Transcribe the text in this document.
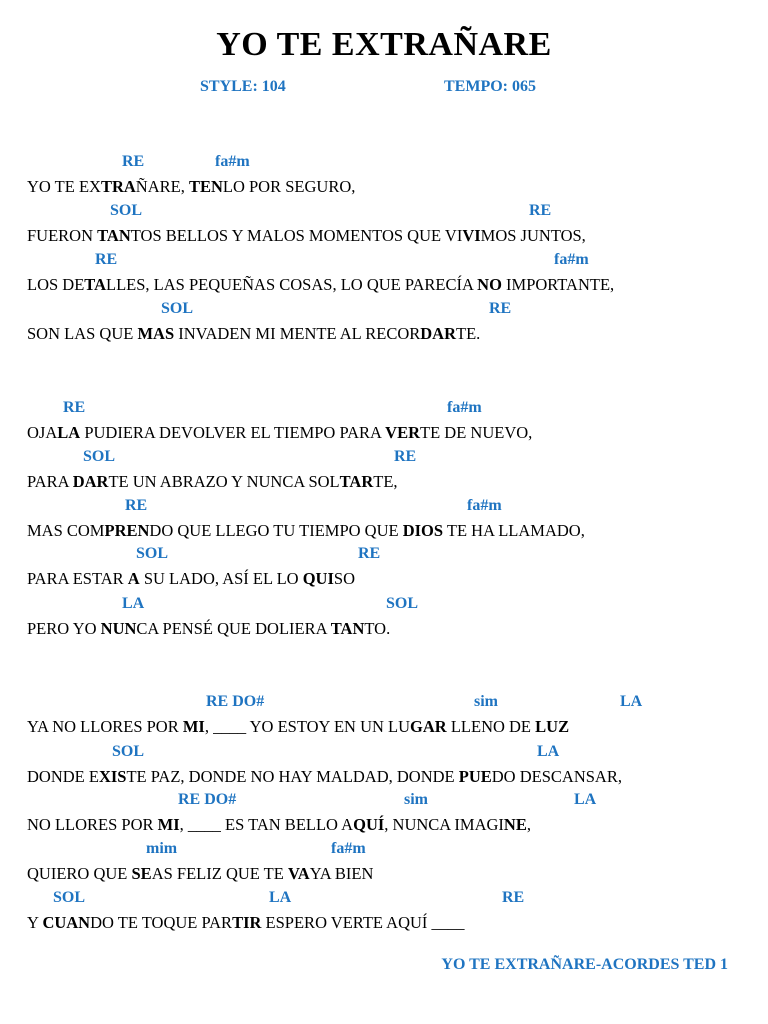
YO TE EXTRAÑARE
STYLE: 104	TEMPO: 065
RE	fa#m
YO TE EXTRAÑARE, TENLO POR SEGURO,
SOL	RE
FUERON TANTOS BELLOS Y MALOS MOMENTOS QUE VIVIMOS JUNTOS,
RE	fa#m
LOS DETALLES, LAS PEQUEÑAS COSAS, LO QUE PARECÍA NO IMPORTANTE,
SOL	RE
SON LAS QUE MAS INVADEN MI MENTE AL RECORDARTE.
RE	fa#m
OJALA PUDIERA DEVOLVER EL TIEMPO PARA VERTE DE NUEVO,
SOL	RE
PARA DARTE UN ABRAZO Y NUNCA SOLTARTE,
RE	fa#m
MAS COMPRENDO QUE LLEGO TU TIEMPO QUE DIOS TE HA LLAMADO,
SOL	RE
PARA ESTAR A SU LADO, ASÍ EL LO QUISO
LA	SOL
PERO YO NUNCA PENSÉ QUE DOLIERA TANTO.
RE DO#	sim	LA
YA NO LLORES POR MI, ____ YO ESTOY EN UN LUGAR LLENO DE LUZ
SOL	LA
DONDE EXISTE PAZ, DONDE NO HAY MALDAD, DONDE PUEDO DESCANSAR,
RE DO#	sim	LA
NO LLORES POR MI, ____ ES TAN BELLO AQUÍ, NUNCA IMAGINE,
mim	fa#m
QUIERO QUE SEAS FELIZ QUE TE VAYA BIEN
SOL	LA	RE
Y CUANDO TE TOQUE PARTIR ESPERO VERTE AQUÍ ____
YO TE EXTRAÑARE-ACORDES TED 1
